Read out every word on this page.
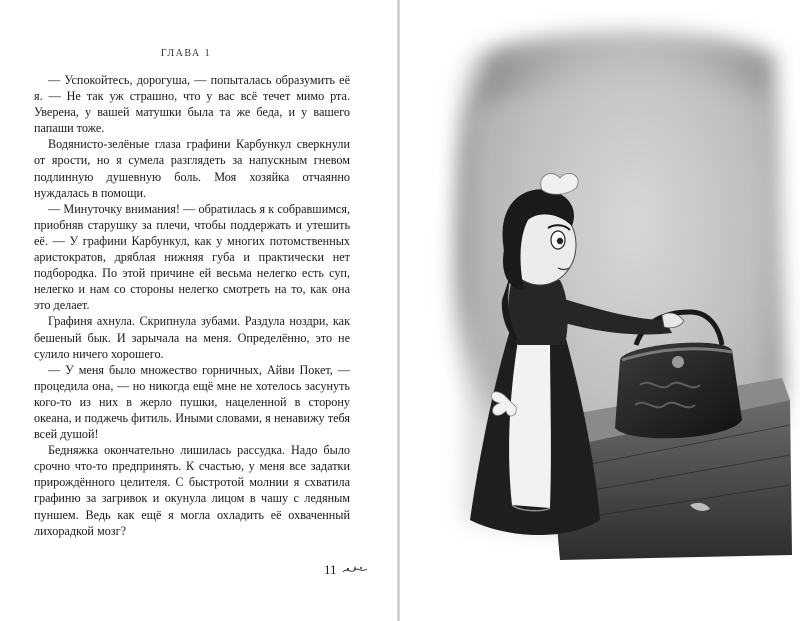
ГЛАВА 1

— Успокойтесь, дорогуша, — попыталась образумить её я. — Не так уж страшно, что у вас всё течет мимо рта. Уверена, у вашей матушки была та же беда, и у вашего папаши тоже.

Водянисто-зелёные глаза графини Карбункул сверкнули от ярости, но я сумела разглядеть за напускным гневом подлинную душевную боль. Моя хозяйка отчаянно нуждалась в помощи.

— Минуточку внимания! — обратилась я к собравшимся, приобняв старушку за плечи, чтобы поддержать и утешить её. — У графини Карбункул, как у многих потомственных аристократов, дряблая нижняя губа и практически нет подбородка. По этой причине ей весьма нелегко есть суп, нелегко и нам со стороны нелегко смотреть на то, как она это делает.

Графиня ахнула. Скрипнула зубами. Раздула ноздри, как бешеный бык. И зарычала на меня. Определённо, это не сулило ничего хорошего.

— У меня было множество горничных, Айви Покет, — процедила она, — но никогда ещё мне не хотелось засунуть кого-то из них в жерло пушки, нацеленной в сторону океана, и поджечь фитиль. Иными словами, я ненавижу тебя всей душой!

Бедняжка окончательно лишилась рассудка. Надо было срочно что-то предпринять. К счастью, у меня все задатки прирождённого целителя. С быстротой молнии я схватила графиню за загривок и окунула лицом в чашу с ледяным пуншем. Ведь как ещё я могла охладить её охваченный лихорадкой мозг?

11
